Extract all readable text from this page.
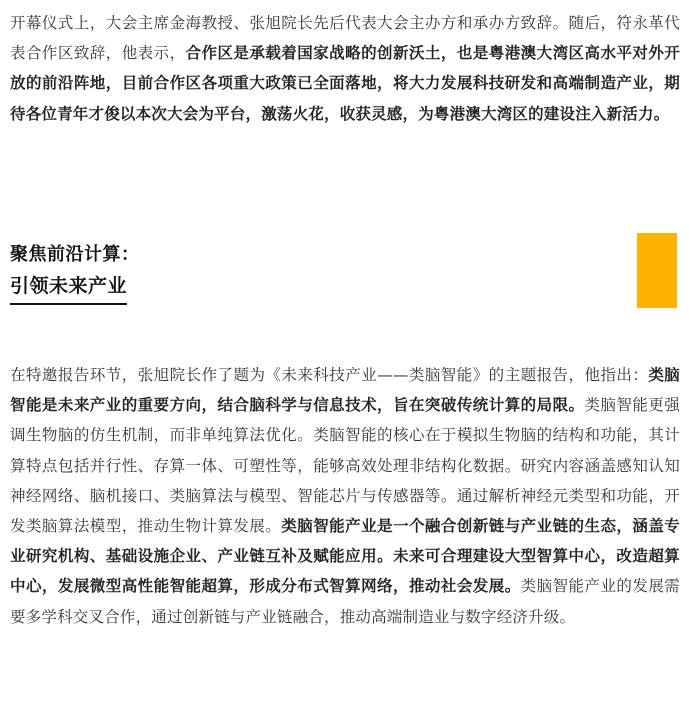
开幕仪式上，大会主席金海教授、张旭院长先后代表大会主办方和承办方致辞。随后，符永革代表合作区致辞，他表示，合作区是承载着国家战略的创新沃土，也是粤港澳大湾区高水平对外开放的前沿阵地，目前合作区各项重大政策已全面落地，将大力发展科技研发和高端制造产业，期待各位青年才俊以本次大会为平台，激荡火花，收获灵感，为粤港澳大湾区的建设注入新活力。

聚焦前沿计算：
引领未来产业

在特邀报告环节，张旭院长作了题为《未来科技产业——类脑智能》的主题报告，他指出：类脑智能是未来产业的重要方向，结合脑科学与信息技术，旨在突破传统计算的局限。类脑智能更强调生物脑的仿生机制，而非单纯算法优化。类脑智能的核心在于模拟生物脑的结构和功能，其计算特点包括并行性、存算一体、可塑性等，能够高效处理非结构化数据。研究内容涵盖感知认知神经网络、脑机接口、类脑算法与模型、智能芯片与传感器等。通过解析神经元类型和功能，开发类脑算法模型，推动生物计算发展。类脑智能产业是一个融合创新链与产业链的生态，涵盖专业研究机构、基础设施企业、产业链互补及赋能应用。未来可合理建设大型智算中心，改造超算中心，发展微型高性能智能超算，形成分布式智算网络，推动社会发展。类脑智能产业的发展需要多学科交叉合作，通过创新链与产业链融合，推动高端制造业与数字经济升级。
